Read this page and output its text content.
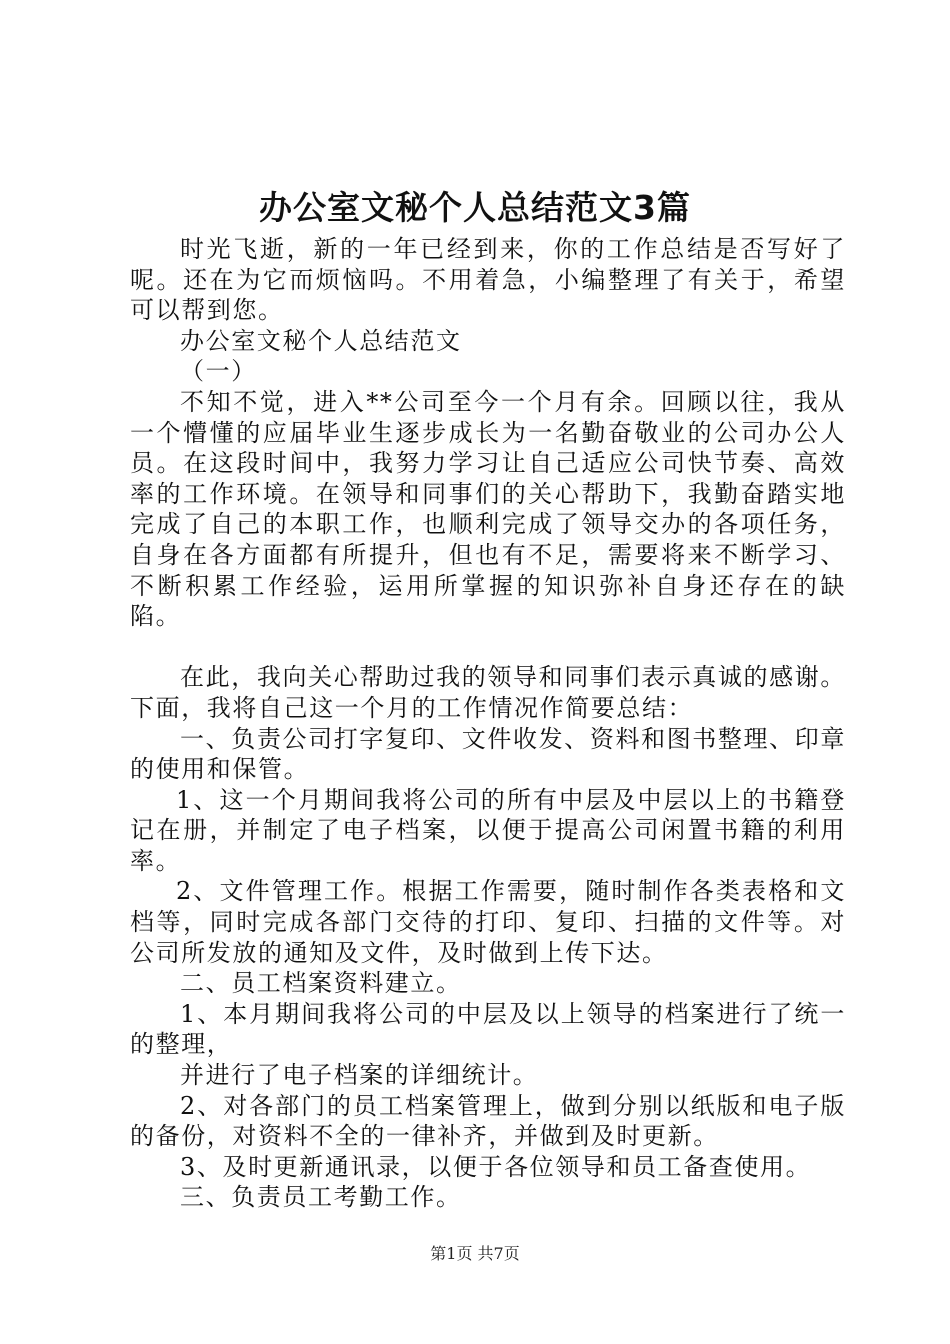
办公室文秘个人总结范文3篇

时光飞逝，新的一年已经到来，你的工作总结是否写好了呢。还在为它而烦恼吗。不用着急，小编整理了有关于，希望可以帮到您。

办公室文秘个人总结范文

（一）

不知不觉，进入**公司至今一个月有余。回顾以往，我从一个懵懂的应届毕业生逐步成长为一名勤奋敬业的公司办公人员。在这段时间中，我努力学习让自己适应公司快节奏、高效率的工作环境。在领导和同事们的关心帮助下，我勤奋踏实地完成了自己的本职工作，也顺利完成了领导交办的各项任务，自身在各方面都有所提升，但也有不足，需要将来不断学习、不断积累工作经验，运用所掌握的知识弥补自身还存在的缺陷。

在此，我向关心帮助过我的领导和同事们表示真诚的感谢。下面，我将自己这一个月的工作情况作简要总结：

一、负责公司打字复印、文件收发、资料和图书整理、印章的使用和保管。

1、这一个月期间我将公司的所有中层及中层以上的书籍登记在册，并制定了电子档案，以便于提高公司闲置书籍的利用率。

2、文件管理工作。根据工作需要，随时制作各类表格和文档等，同时完成各部门交待的打印、复印、扫描的文件等。对公司所发放的通知及文件，及时做到上传下达。

二、员工档案资料建立。

1、本月期间我将公司的中层及以上领导的档案进行了统一的整理，

并进行了电子档案的详细统计。

2、对各部门的员工档案管理上，做到分别以纸版和电子版的备份，对资料不全的一律补齐，并做到及时更新。

3、及时更新通讯录，以便于各位领导和员工备查使用。

三、负责员工考勤工作。

第1页 共7页
